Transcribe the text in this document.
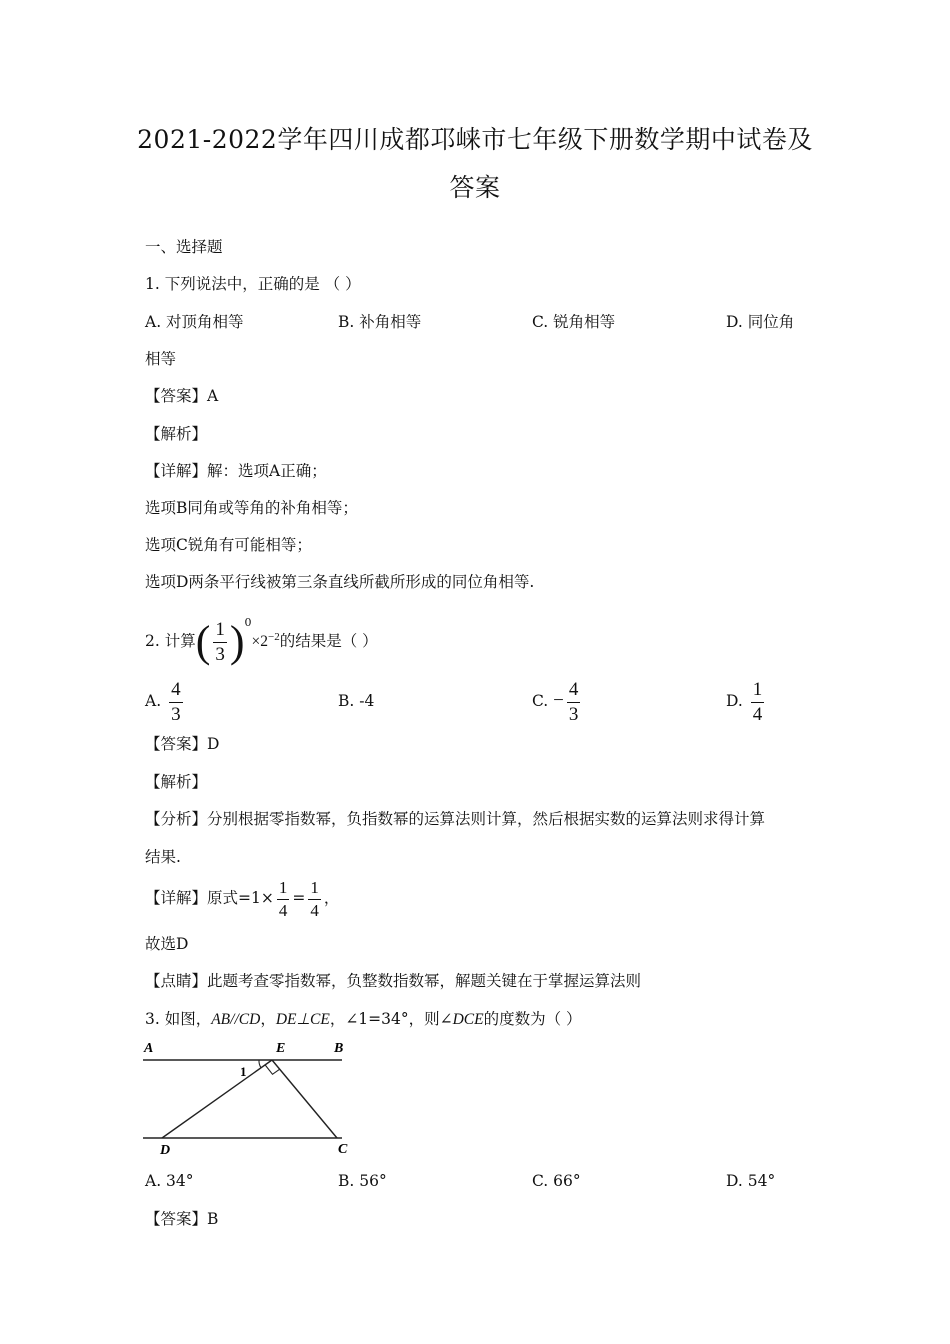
2021-2022学年四川成都邛崃市七年级下册数学期中试卷及
答案
一、选择题
1. 下列说法中，正确的是 （ ）
A. 对顶角相等	B. 补角相等	C. 锐角相等	D. 同位角
相等
【答案】A
【解析】
【详解】解：选项A正确；
选项B同角或等角的补角相等；
选项C锐角有可能相等；
选项D两条平行线被第三条直线所截所形成的同位角相等.
2. 计算( $\frac{1}{3} )^0\times 2^{-2}$的结果是（ ）
A. $\frac{4}{3}$	B. -4	C. − $\frac{4}{3}$	D. $\frac{1}{4}$
【答案】D
【解析】
【分析】分别根据零指数幂，负指数幂的运算法则计算，然后根据实数的运算法则求得计算
结果.
【详解】原式$=1\times \frac{1}{4} = \frac{1}{4}$ ，
故选D
【点睛】此题考查零指数幂，负整数指数幂，解题关键在于掌握运算法则
3. 如图，AB//CD，DE⊥CE，∠1=34°，则∠DCE的度数为（ ）
A	E	B
1
D	C
A. 34°	B. 56°	C. 66°	D. 54°
【答案】B
